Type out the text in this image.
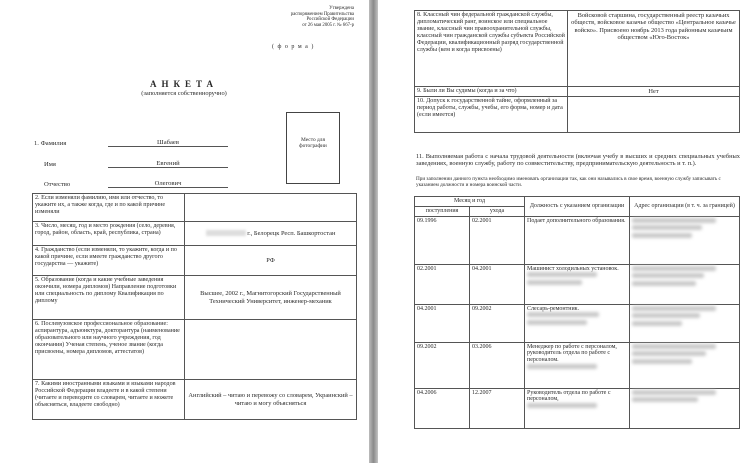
Утверждена
распоряжением Правительства
Российской Федерации
от 26 мая 2005 г. № 667-р
( ф о р м а )
АНКЕТА
(заполняется собственноручно)
1. Фамилия	Шабаев
Имя	Евгений
Отчество	Олегович
Место для фотографии
2. Если изменяли фамилию, имя или отчество, то укажите их, а также когда, где и по какой причине изменяли	
3. Число, месяц, год и место рождения (село, деревня, город, район, область, край, республика, страна)	г., Белорецк Респ. Башкортостан
4. Гражданство (если изменяли, то укажите, когда и по какой причине, если имеете гражданство другого государства — укажите)	РФ
5. Образование (когда и какие учебные заведения окончили, номера дипломов) Направление подготовки или специальность по диплому Квалификация по диплому	Высшее, 2002 г., Магнитогорский Государственный Технический Университет, инженер-механик
6. Послевузовское профессиональное образование: аспирантура, адъюнктура, докторантура (наименование образовательного или научного учреждения, год окончания) Ученая степень, ученое звание (когда присвоены, номера дипломов, аттестатов)	
7. Какими иностранными языками и языками народов Российской Федерации владеете и в какой степени (читаете и переводите со словарем, читаете и можете объясняться, владеете свободно)	Английский – читаю и перевожу со словарем, Украинский – читаю и могу объясняться
8. Классный чин федеральной гражданской службы, дипломатический ранг, воинское или специальное звание, классный чин правоохранительной службы, классный чин гражданской службы субъекта Российской Федерации, квалификационный разряд государственной службы (кем и когда присвоены)	Войсковой старшина, государственный реестр казачьих обществ, войсковое казачье общество «Центральное казачье войско». Присвоено ноябрь 2013 года районным казачьим обществом «Юго-Восток»
9. Были ли Вы судимы (когда и за что)	Нет
10. Допуск к государственной тайне, оформленный за период работы, службы, учебы, его форма, номер и дата (если имеется)	
11. Выполняемая работа с начала трудовой деятельности (включая учебу в высших и средних специальных учебных заведениях, военную службу, работу по совместительству, предпринимательскую деятельность и т. п.).
При заполнении данного пункта необходимо именовать организации так, как они назывались в свое время, военную службу записывать с указанием должности и номера воинской части.
Месяц и год		Должность с указанием организации	Адрес организации (в т. ч. за границей)
поступления	ухода		
09.1996	02.2001	Подает дополнительного образования.	

02.2001	04.2001	Машинист холодильных установок.

04.2001	09.2002	Слесарь-ремонтник.

09.2002	03.2006	Менеджер по работе с персоналом, руководитель отдела по работе с персоналом.

04.2006	12.2007	Руководитель отдела по работе с персоналом,
